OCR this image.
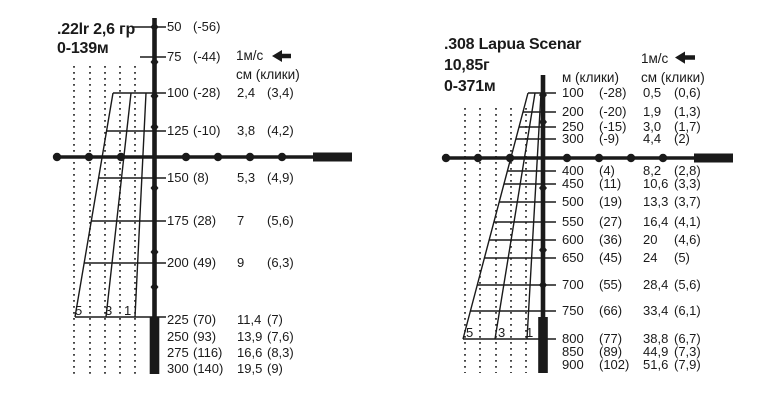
.22lr 2,6 гр
0-139м	1м/с
см (клики)
.308 Lapua Scenar
10,85г
0-371м
м (клики)
1м/с
см (клики)
5 3 1
5 3 1
50 (-56)
75 (-44)
100 (-28)	2,4 (3,4)
125 (-10)	3,8 (4,2)
150 (8)	5,3 (4,9)
175 (28)	7	(5,6)
200 (49)	9	(6,3)
225 (70)	11,4 (7)
250 (93)	13,9 (7,6)
275 (116)	16,6 (8,3)
300 (140)	19,5 (9)
100	(-28)	0,5 (0,6)
200	(-20)	1,9 (1,3)
250	(-15)	3,0 (1,7)
300	(-9)	4,4 (2)
400	(4)	8,2 (2,8)
450	(11)	10,6 (3,3)
500	(19)	13,3 (3,7)
550	(27)	16,4 (4,1)
600	(36)	20	(4,6)
650	(45)	24	(5)
700	(55)	28,4 (5,6)
750	(66)	33,4 (6,1)
800	(77)	38,8 (6,7)
850	(89)	44,9 (7,3)
900	(102)	51,6 (7,9)
